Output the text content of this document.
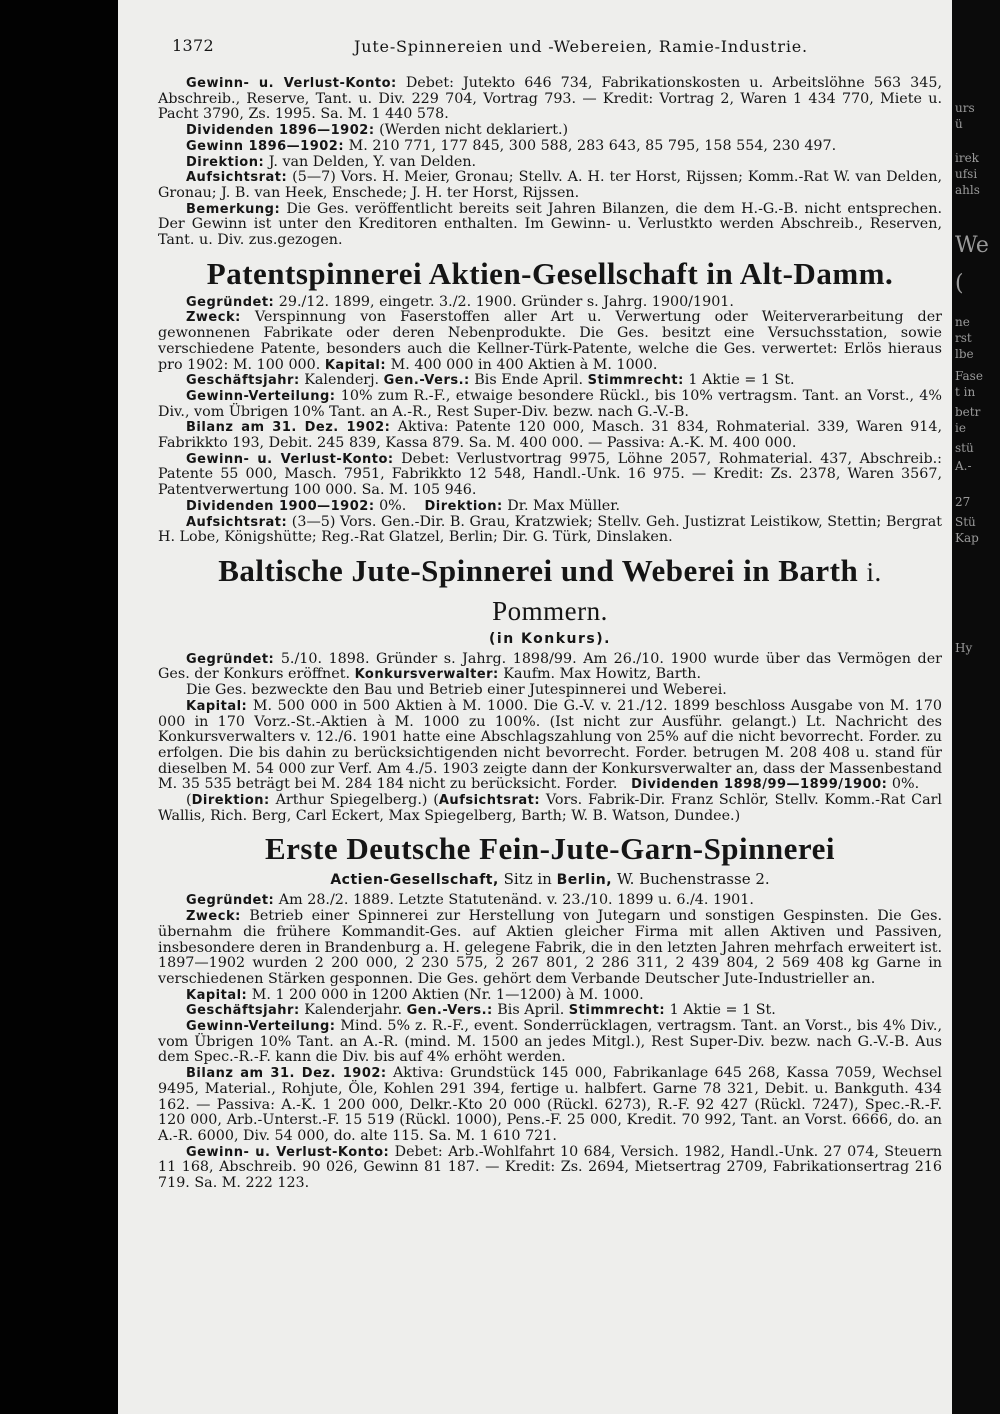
urs
ü
irek
ufsi
ahls
We
(
ne
rst
lbe
Fase
t in
betr
ie
stü
A.-
27
Stü
Kap
Hy
1372	Jute-Spinnereien und -Webereien, Ramie-Industrie.

Gewinn- u. Verlust-Konto: Debet: Jutekto 646 734, Fabrikationskosten u. Arbeitslöhne 563 345, Abschreib., Reserve, Tant. u. Div. 229 704, Vortrag 793. — Kredit: Vortrag 2, Waren 1 434 770, Miete u. Pacht 3790, Zs. 1995. Sa. M. 1 440 578.

Dividenden 1896—1902: (Werden nicht deklariert.)

Gewinn 1896—1902: M. 210 771, 177 845, 300 588, 283 643, 85 795, 158 554, 230 497.

Direktion: J. van Delden, Y. van Delden.

Aufsichtsrat: (5—7) Vors. H. Meier, Gronau; Stellv. A. H. ter Horst, Rijssen; Komm.-Rat W. van Delden, Gronau; J. B. van Heek, Enschede; J. H. ter Horst, Rijssen.

Bemerkung: Die Ges. veröffentlicht bereits seit Jahren Bilanzen, die dem H.-G.-B. nicht entsprechen. Der Gewinn ist unter den Kreditoren enthalten. Im Gewinn- u. Verlustkto werden Abschreib., Reserven, Tant. u. Div. zus.gezogen.

Patentspinnerei Aktien-Gesellschaft in Alt-Damm.

Gegründet: 29./12. 1899, eingetr. 3./2. 1900. Gründer s. Jahrg. 1900/1901.

Zweck: Verspinnung von Faserstoffen aller Art u. Verwertung oder Weiterverarbeitung der gewonnenen Fabrikate oder deren Nebenprodukte. Die Ges. besitzt eine Versuchsstation, sowie verschiedene Patente, besonders auch die Kellner-Türk-Patente, welche die Ges. verwertet: Erlös hieraus pro 1902: M. 100 000. Kapital: M. 400 000 in 400 Aktien à M. 1000.

Geschäftsjahr: Kalenderj. Gen.-Vers.: Bis Ende April. Stimmrecht: 1 Aktie = 1 St.

Gewinn-Verteilung: 10% zum R.-F., etwaige besondere Rückl., bis 10% vertragsm. Tant. an Vorst., 4% Div., vom Übrigen 10% Tant. an A.-R., Rest Super-Div. bezw. nach G.-V.-B.

Bilanz am 31. Dez. 1902: Aktiva: Patente 120 000, Masch. 31 834, Rohmaterial. 339, Waren 914, Fabrikkto 193, Debit. 245 839, Kassa 879. Sa. M. 400 000. — Passiva: A.-K. M. 400 000.

Gewinn- u. Verlust-Konto: Debet: Verlustvortrag 9975, Löhne 2057, Rohmaterial. 437, Abschreib.: Patente 55 000, Masch. 7951, Fabrikkto 12 548, Handl.-Unk. 16 975. — Kredit: Zs. 2378, Waren 3567, Patentverwertung 100 000. Sa. M. 105 946.

Dividenden 1900—1902: 0%. Direktion: Dr. Max Müller.

Aufsichtsrat: (3—5) Vors. Gen.-Dir. B. Grau, Kratzwiek; Stellv. Geh. Justizrat Leistikow, Stettin; Bergrat H. Lobe, Königshütte; Reg.-Rat Glatzel, Berlin; Dir. G. Türk, Dinslaken.

Baltische Jute-Spinnerei und Weberei in Barth i. Pommern.

(in Konkurs).

Gegründet: 5./10. 1898. Gründer s. Jahrg. 1898/99. Am 26./10. 1900 wurde über das Vermögen der Ges. der Konkurs eröffnet. Konkursverwalter: Kaufm. Max Howitz, Barth.

Die Ges. bezweckte den Bau und Betrieb einer Jutespinnerei und Weberei.

Kapital: M. 500 000 in 500 Aktien à M. 1000. Die G.-V. v. 21./12. 1899 beschloss Ausgabe von M. 170 000 in 170 Vorz.-St.-Aktien à M. 1000 zu 100%. (Ist nicht zur Ausführ. gelangt.) Lt. Nachricht des Konkursverwalters v. 12./6. 1901 hatte eine Abschlagszahlung von 25% auf die nicht bevorrecht. Forder. zu erfolgen. Die bis dahin zu berücksichtigenden nicht bevorrecht. Forder. betrugen M. 208 408 u. stand für dieselben M. 54 000 zur Verf. Am 4./5. 1903 zeigte dann der Konkursverwalter an, dass der Massenbestand M. 35 535 beträgt bei M. 284 184 nicht zu berücksicht. Forder. Dividenden 1898/99—1899/1900: 0%.

(Direktion: Arthur Spiegelberg.) (Aufsichtsrat: Vors. Fabrik-Dir. Franz Schlör, Stellv. Komm.-Rat Carl Wallis, Rich. Berg, Carl Eckert, Max Spiegelberg, Barth; W. B. Watson, Dundee.)

Erste Deutsche Fein-Jute-Garn-Spinnerei

Actien-Gesellschaft, Sitz in Berlin, W. Buchenstrasse 2.

Gegründet: Am 28./2. 1889. Letzte Statutenänd. v. 23./10. 1899 u. 6./4. 1901.

Zweck: Betrieb einer Spinnerei zur Herstellung von Jutegarn und sonstigen Gespinsten. Die Ges. übernahm die frühere Kommandit-Ges. auf Aktien gleicher Firma mit allen Aktiven und Passiven, insbesondere deren in Brandenburg a. H. gelegene Fabrik, die in den letzten Jahren mehrfach erweitert ist. 1897—1902 wurden 2 200 000, 2 230 575, 2 267 801, 2 286 311, 2 439 804, 2 569 408 kg Garne in verschiedenen Stärken gesponnen. Die Ges. gehört dem Verbande Deutscher Jute-Industrieller an.

Kapital: M. 1 200 000 in 1200 Aktien (Nr. 1—1200) à M. 1000.

Geschäftsjahr: Kalenderjahr. Gen.-Vers.: Bis April. Stimmrecht: 1 Aktie = 1 St.

Gewinn-Verteilung: Mind. 5% z. R.-F., event. Sonderrücklagen, vertragsm. Tant. an Vorst., bis 4% Div., vom Übrigen 10% Tant. an A.-R. (mind. M. 1500 an jedes Mitgl.), Rest Super-Div. bezw. nach G.-V.-B. Aus dem Spec.-R.-F. kann die Div. bis auf 4% erhöht werden.

Bilanz am 31. Dez. 1902: Aktiva: Grundstück 145 000, Fabrikanlage 645 268, Kassa 7059, Wechsel 9495, Material., Rohjute, Öle, Kohlen 291 394, fertige u. halbfert. Garne 78 321, Debit. u. Bankguth. 434 162. — Passiva: A.-K. 1 200 000, Delkr.-Kto 20 000 (Rückl. 6273), R.-F. 92 427 (Rückl. 7247), Spec.-R.-F. 120 000, Arb.-Unterst.-F. 15 519 (Rückl. 1000), Pens.-F. 25 000, Kredit. 70 992, Tant. an Vorst. 6666, do. an A.-R. 6000, Div. 54 000, do. alte 115. Sa. M. 1 610 721.

Gewinn- u. Verlust-Konto: Debet: Arb.-Wohlfahrt 10 684, Versich. 1982, Handl.-Unk. 27 074, Steuern 11 168, Abschreib. 90 026, Gewinn 81 187. — Kredit: Zs. 2694, Mietsertrag 2709, Fabrikationsertrag 216 719. Sa. M. 222 123.
